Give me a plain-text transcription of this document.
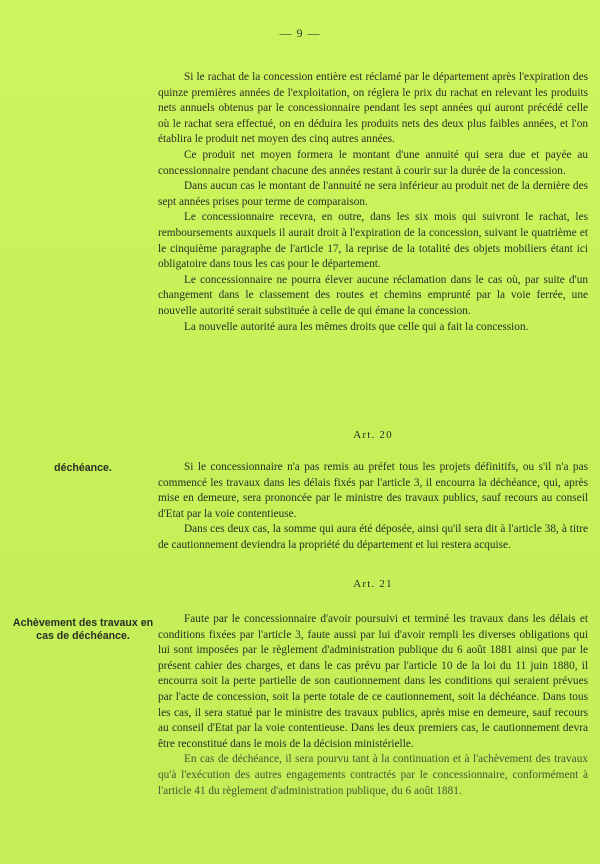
— 9 —

Si le rachat de la concession entière est réclamé par le département après l'expiration des quinze premières années de l'exploitation, on réglera le prix du rachat en relevant les produits nets annuels obtenus par le concessionnaire pendant les sept années qui auront précédé celle où le rachat sera effectué, on en déduira les produits nets des deux plus faibles années, et l'on établira le produit net moyen des cinq autres années.

Ce produit net moyen formera le montant d'une annuité qui sera due et payée au concessionnaire pendant chacune des années restant à courir sur la durée de la concession.

Dans aucun cas le montant de l'annuité ne sera inférieur au produit net de la dernière des sept années prises pour terme de comparaison.

Le concessionnaire recevra, en outre, dans les six mois qui suivront le rachat, les remboursements auxquels il aurait droit à l'expiration de la concession, suivant le quatrième et le cinquième paragraphe de l'article 17, la reprise de la totalité des objets mobiliers étant ici obligatoire dans tous les cas pour le département.

Le concessionnaire ne pourra élever aucune réclamation dans le cas où, par suite d'un changement dans le classement des routes et chemins emprunté par la voie ferrée, une nouvelle autorité serait substituée à celle de qui émane la concession.

La nouvelle autorité aura les mêmes droits que celle qui a fait la concession.

Art. 20
déchéance.	Si le concessionnaire n'a pas remis au préfet tous les projets définitifs, ou s'il n'a pas commencé les travaux dans les délais fixés par l'article 3, il encourra la déchéance, qui, après mise en demeure, sera prononcée par le ministre des travaux publics, sauf recours au conseil d'Etat par la voie contentieuse.

Dans ces deux cas, la somme qui aura été déposée, ainsi qu'il sera dit à l'article 38, à titre de cautionnement deviendra la propriété du département et lui restera acquise.

Art. 21
Achèvement des travaux en cas de déchéance.

Faute par le concessionnaire d'avoir poursuivi et terminé les travaux dans les délais et conditions fixées par l'article 3, faute aussi par lui d'avoir rempli les diverses obligations qui lui sont imposées par le règlement d'administration publique du 6 août 1881 ainsi que par le présent cahier des charges, et dans le cas prévu par l'article 10 de la loi du 11 juin 1880, il encourra soit la perte partielle de son cautionnement dans les conditions qui seraient prévues par l'acte de concession, soit la perte totale de ce cautionnement, soit la déchéance. Dans tous les cas, il sera statué par le ministre des travaux publics, après mise en demeure, sauf recours au conseil d'Etat par la voie contentieuse. Dans les deux premiers cas, le cautionnement devra être reconstitué dans le mois de la décision ministérielle.

En cas de déchéance, il sera pourvu tant à la continuation et à l'achèvement des travaux qu'à l'exécution des autres engagements contractés par le concessionnaire, conformément à l'article 41 du règlement d'administration publique, du 6 août 1881.
